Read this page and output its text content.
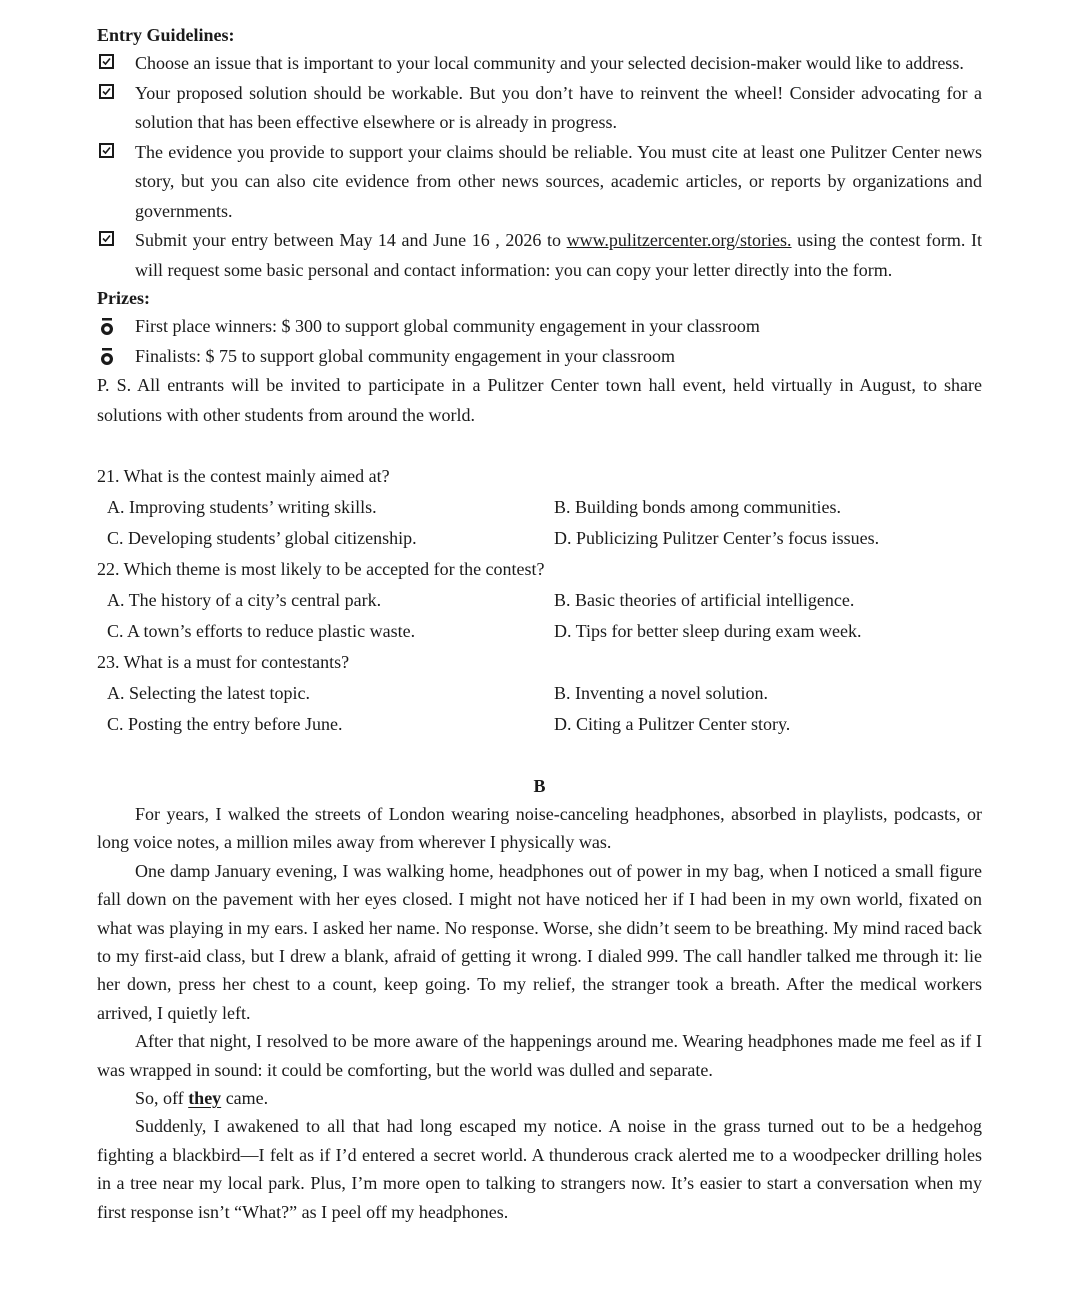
Entry Guidelines:

Choose an issue that is important to your local community and your selected decision-maker would like to address.

Your proposed solution should be workable. But you don’t have to reinvent the wheel! Consider advocating for a solution that has been effective elsewhere or is already in progress.

The evidence you provide to support your claims should be reliable. You must cite at least one Pulitzer Center news story, but you can also cite evidence from other news sources, academic articles, or reports by organizations and governments.

Submit your entry between May 14 and June 16 , 2026 to www.pulitzercenter.org/stories. using the contest form. It will request some basic personal and contact information: you can copy your letter directly into the form.

Prizes:

First place winners: $ 300 to support global community engagement in your classroom

Finalists: $ 75 to support global community engagement in your classroom

P. S. All entrants will be invited to participate in a Pulitzer Center town hall event, held virtually in August, to share solutions with other students from around the world.

21. What is the contest mainly aimed at?

A. Improving students’ writing skills.	B. Building bonds among communities.
C. Developing students’ global citizenship.	D. Publicizing Pulitzer Center’s focus issues.

22. Which theme is most likely to be accepted for the contest?

A. The history of a city’s central park.	B. Basic theories of artificial intelligence.
C. A town’s efforts to reduce plastic waste.	D. Tips for better sleep during exam week.

23. What is a must for contestants?

A. Selecting the latest topic.	B. Inventing a novel solution.
C. Posting the entry before June.	D. Citing a Pulitzer Center story.

B

For years, I walked the streets of London wearing noise-canceling headphones, absorbed in playlists, podcasts, or long voice notes, a million miles away from wherever I physically was.

One damp January evening, I was walking home, headphones out of power in my bag, when I noticed a small figure fall down on the pavement with her eyes closed. I might not have noticed her if I had been in my own world, fixated on what was playing in my ears. I asked her name. No response. Worse, she didn’t seem to be breathing. My mind raced back to my first-aid class, but I drew a blank, afraid of getting it wrong. I dialed 999. The call handler talked me through it: lie her down, press her chest to a count, keep going. To my relief, the stranger took a breath. After the medical workers arrived, I quietly left.

After that night, I resolved to be more aware of the happenings around me. Wearing headphones made me feel as if I was wrapped in sound: it could be comforting, but the world was dulled and separate.

So, off they came.

Suddenly, I awakened to all that had long escaped my notice. A noise in the grass turned out to be a hedgehog fighting a blackbird—I felt as if I’d entered a secret world. A thunderous crack alerted me to a woodpecker drilling holes in a tree near my local park. Plus, I’m more open to talking to strangers now. It’s easier to start a conversation when my first response isn’t “What?” as I peel off my headphones.
